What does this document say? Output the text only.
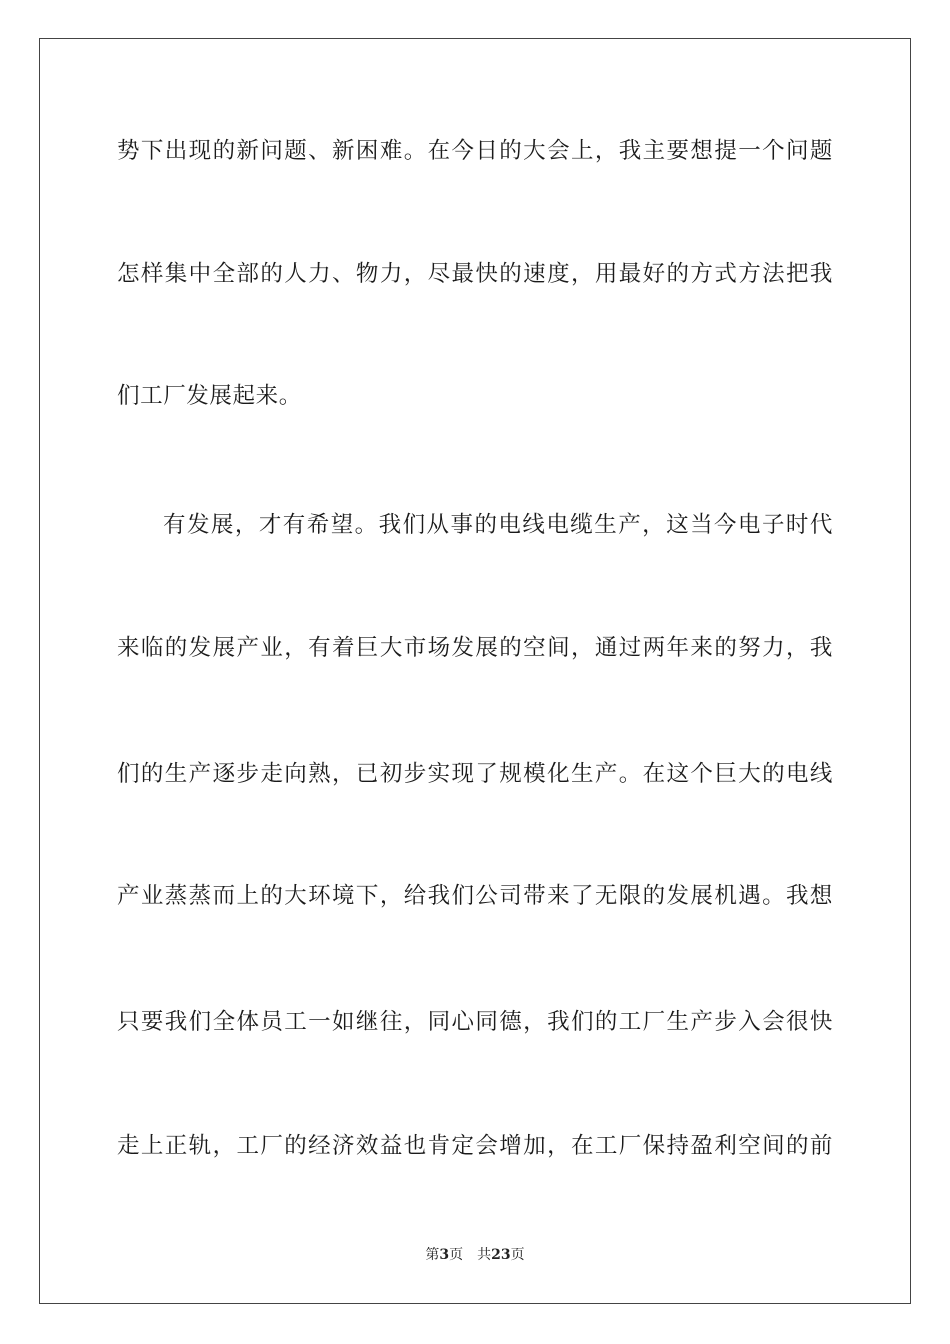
势下出现的新问题、新困难。在今日的大会上，我主要想提一个问题
怎样集中全部的人力、物力，尽最快的速度，用最好的方式方法把我
们工厂发展起来。
有发展，才有希望。我们从事的电线电缆生产，这当今电子时代
来临的发展产业，有着巨大市场发展的空间，通过两年来的努力，我
们的生产逐步走向熟，已初步实现了规模化生产。在这个巨大的电线
产业蒸蒸而上的大环境下，给我们公司带来了无限的发展机遇。我想
只要我们全体员工一如继往，同心同德，我们的工厂生产步入会很快
走上正轨，工厂的经济效益也肯定会增加，在工厂保持盈利空间的前
第3页 共23页
